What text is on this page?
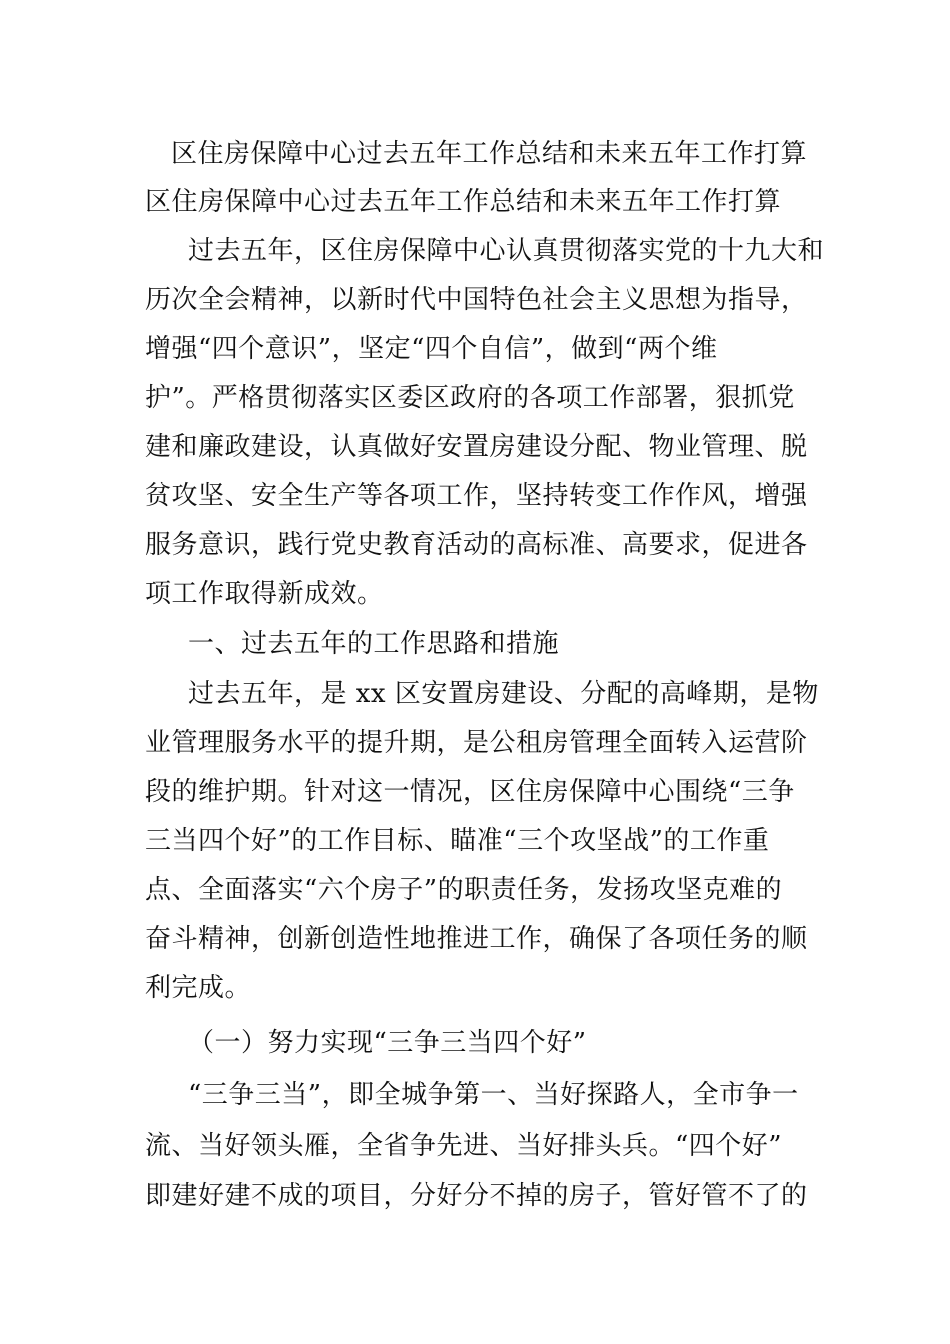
区住房保障中心过去五年工作总结和未来五年工作打算
区住房保障中心过去五年工作总结和未来五年工作打算
过去五年，区住房保障中心认真贯彻落实党的十九大和
历次全会精神，以新时代中国特色社会主义思想为指导，
增强“四个意识”，坚定“四个自信”，做到“两个维
护”。严格贯彻落实区委区政府的各项工作部署，狠抓党
建和廉政建设，认真做好安置房建设分配、物业管理、脱
贫攻坚、安全生产等各项工作，坚持转变工作作风，增强
服务意识，践行党史教育活动的高标准、高要求，促进各
项工作取得新成效。
一、过去五年的工作思路和措施
过去五年，是 xx 区安置房建设、分配的高峰期，是物
业管理服务水平的提升期，是公租房管理全面转入运营阶
段的维护期。针对这一情况，区住房保障中心围绕“三争
三当四个好”的工作目标、瞄准“三个攻坚战”的工作重
点、全面落实“六个房子”的职责任务，发扬攻坚克难的
奋斗精神，创新创造性地推进工作，确保了各项任务的顺
利完成。
（一）努力实现“三争三当四个好”
“三争三当”，即全城争第一、当好探路人，全市争一
流、当好领头雁，全省争先进、当好排头兵。“四个好”
即建好建不成的项目，分好分不掉的房子，管好管不了的
